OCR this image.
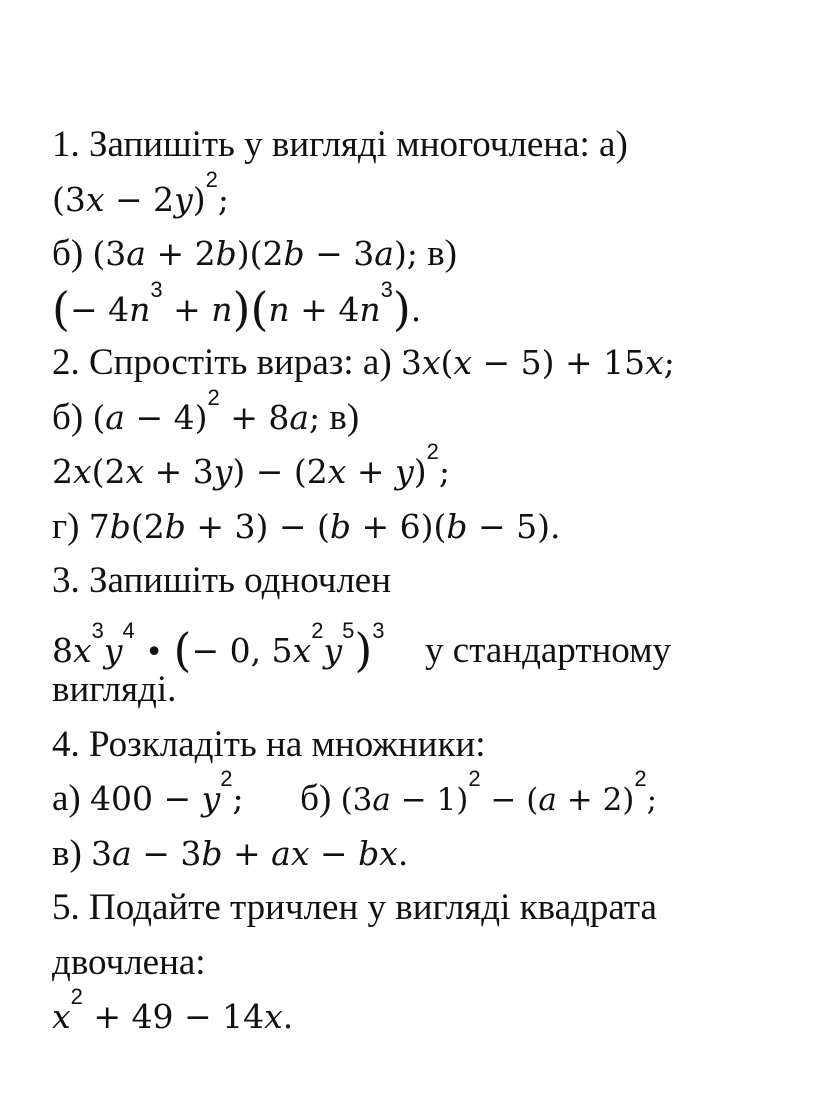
1. Запишіть у вигляді многочлена: а)
$(3x - 2y)^2$;
б) (3a + 2b)(2b − 3a); в)
(− $4n^3 + n)(n + 4n^3)$.
2. Спростіть вираз: а) 3x(x − 5) + 15x;
б) $(a - 4)^2 + 8a$; в)
$2x(2x + 3y) - (2x + y)^2$;
г) 7b(2b + 3) − (b + 6)(b − 5).
3. Запишіть одночлен
$8x^3y^4$ • (− 0, $5x^2y^5)^3$ у стандартному
вигляді.
4. Розкладіть на множники:
а) $400 - y^2$; б) $(3a - 1)^2 - (a + 2)^2$;
в) 3a − 3b + ax − bx.
5. Подайте тричлен у вигляді квадрата
двочлена:
$x^2 + 49 - 14x$.
